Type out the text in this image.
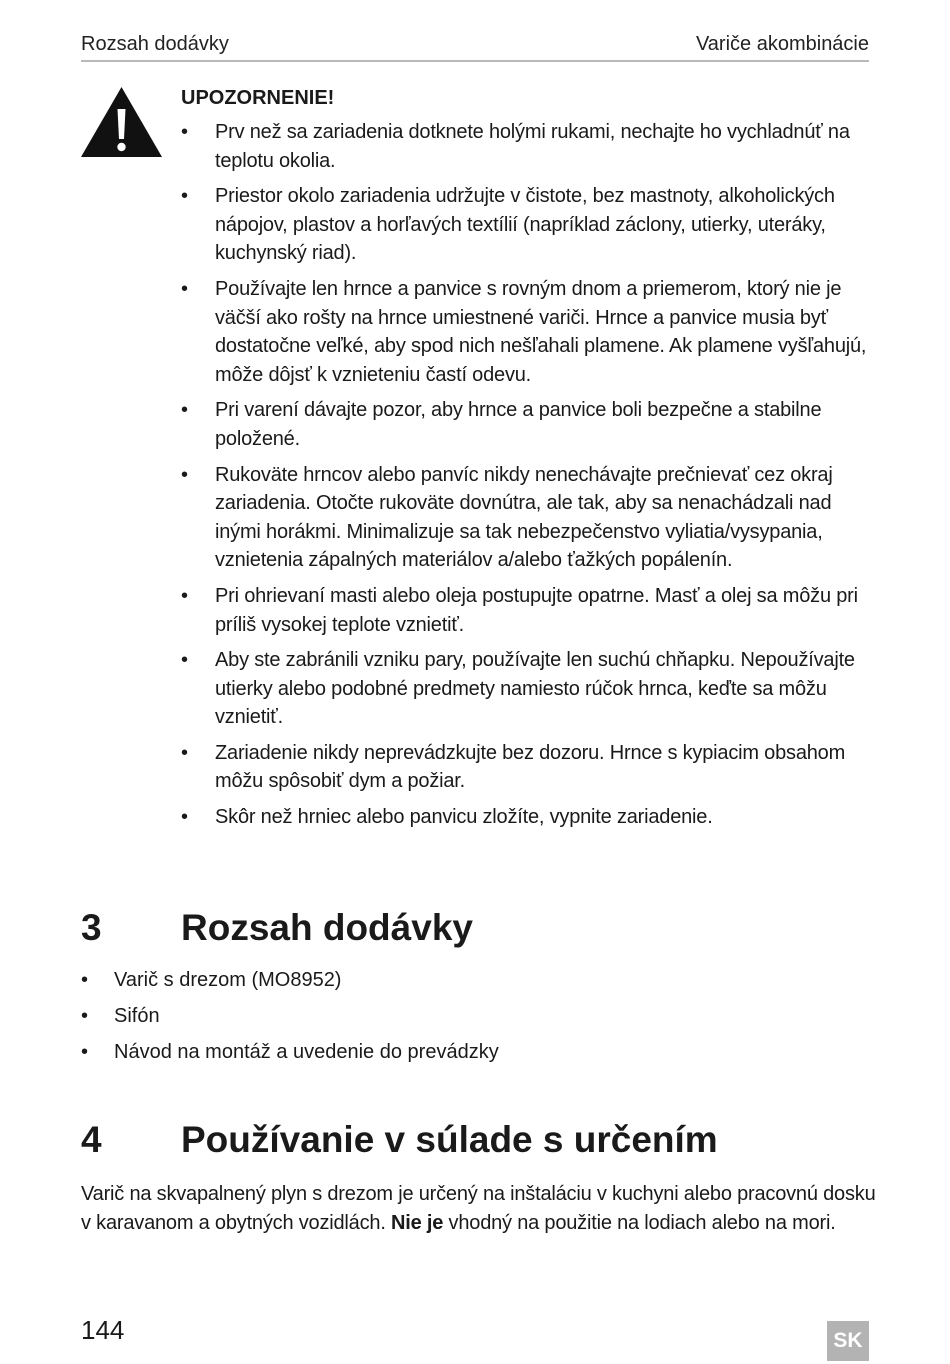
Rozsah dodávky	Variče akombinácie
UPOZORNENIE!
• Prv než sa zariadenia dotknete holými rukami, nechajte ho vychladnúť na teplotu okolia.
• Priestor okolo zariadenia udržujte v čistote, bez mastnoty, alkoholických nápojov, plastov a horľavých textílií (napríklad záclony, utierky, uteráky, kuchynský riad).
• Používajte len hrnce a panvice s rovným dnom a priemerom, ktorý nie je väčší ako rošty na hrnce umiestnené variči. Hrnce a panvice musia byť dostatočne veľké, aby spod nich nešľahali plamene. Ak plamene vyšľahujú, môže dôjsť k vznieteniu častí odevu.
• Pri varení dávajte pozor, aby hrnce a panvice boli bezpečne a stabilne položené.
• Rukoväte hrncov alebo panvíc nikdy nenechávajte prečnievať cez okraj zariadenia. Otočte rukoväte dovnútra, ale tak, aby sa nenachádzali nad inými horákmi. Minimalizuje sa tak nebezpečenstvo vyliatia/vysypania, vznietenia zápalných materiálov a/alebo ťažkých popálenín.
• Pri ohrievaní masti alebo oleja postupujte opatrne. Masť a olej sa môžu pri príliš vysokej teplote vznietiť.
• Aby ste zabránili vzniku pary, používajte len suchú chňapku. Nepoužívajte utierky alebo podobné predmety namiesto rúčok hrnca, keďte sa môžu vznietiť.
• Zariadenie nikdy neprevádzkujte bez dozoru. Hrnce s kypiacim obsahom môžu spôsobiť dym a požiar.
• Skôr než hrniec alebo panvicu zložíte, vypnite zariadenie.
3 Rozsah dodávky
• Varič s drezom (MO8952)
• Sifón
• Návod na montáž a uvedenie do prevádzky
4 Používanie v súlade s určením

Varič na skvapalnený plyn s drezom je určený na inštaláciu v kuchyni alebo pracovnú dosku v karavanom a obytných vozidlách. Nie je vhodný na použitie na lodiach alebo na mori.

144	SK
